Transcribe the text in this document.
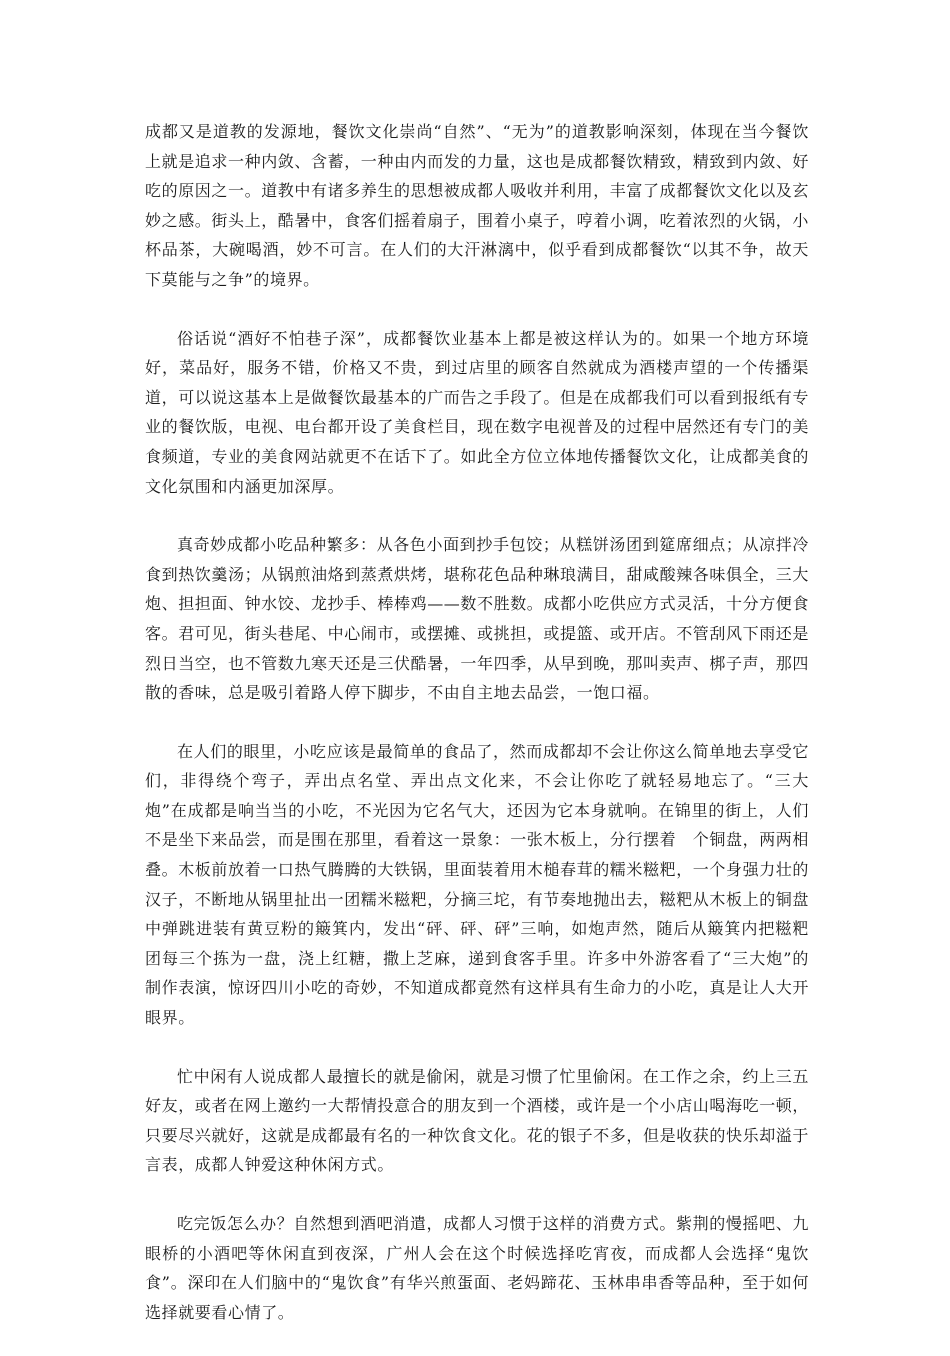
成都又是道教的发源地，餐饮文化崇尚“自然”、“无为”的道教影响深刻，体现在当今餐饮上就是追求一种内敛、含蓄，一种由内而发的力量，这也是成都餐饮精致，精致到内敛、好吃的原因之一。道教中有诸多养生的思想被成都人吸收并利用，丰富了成都餐饮文化以及玄妙之感。街头上，酷暑中，食客们摇着扇子，围着小桌子，哼着小调，吃着浓烈的火锅，小杯品茶，大碗喝酒，妙不可言。在人们的大汗淋漓中，似乎看到成都餐饮“以其不争，故天下莫能与之争”的境界。

俗话说“酒好不怕巷子深”，成都餐饮业基本上都是被这样认为的。如果一个地方环境好，菜品好，服务不错，价格又不贵，到过店里的顾客自然就成为酒楼声望的一个传播渠道，可以说这基本上是做餐饮最基本的广而告之手段了。但是在成都我们可以看到报纸有专业的餐饮版，电视、电台都开设了美食栏目，现在数字电视普及的过程中居然还有专门的美食频道，专业的美食网站就更不在话下了。如此全方位立体地传播餐饮文化，让成都美食的文化氛围和内涵更加深厚。

真奇妙成都小吃品种繁多：从各色小面到抄手包饺；从糕饼汤团到筵席细点；从凉拌冷食到热饮羹汤；从锅煎油烙到蒸煮烘烤，堪称花色品种琳琅满目，甜咸酸辣各味俱全，三大炮、担担面、钟水饺、龙抄手、棒棒鸡——数不胜数。成都小吃供应方式灵活，十分方便食客。君可见，街头巷尾、中心闹市，或摆摊、或挑担，或提篮、或开店。不管刮风下雨还是烈日当空，也不管数九寒天还是三伏酷暑，一年四季，从早到晚，那叫卖声、梆子声，那四散的香味，总是吸引着路人停下脚步，不由自主地去品尝，一饱口福。

在人们的眼里，小吃应该是最简单的食品了，然而成都却不会让你这么简单地去享受它们，非得绕个弯子，弄出点名堂、弄出点文化来，不会让你吃了就轻易地忘了。“三大炮”在成都是响当当的小吃，不光因为它名气大，还因为它本身就响。在锦里的街上，人们不是坐下来品尝，而是围在那里，看着这一景象：一张木板上，分行摆着　个铜盘，两两相叠。木板前放着一口热气腾腾的大铁锅，里面装着用木槌春茸的糯米糍粑，一个身强力壮的汉子，不断地从锅里扯出一团糯米糍粑，分摘三坨，有节奏地抛出去，糍粑从木板上的铜盘中弹跳进装有黄豆粉的簸箕内，发出“砰、砰、砰”三响，如炮声然，随后从簸箕内把糍粑团每三个拣为一盘，浇上红糖，撒上芝麻，递到食客手里。许多中外游客看了“三大炮”的制作表演，惊讶四川小吃的奇妙，不知道成都竟然有这样具有生命力的小吃，真是让人大开眼界。

忙中闲有人说成都人最擅长的就是偷闲，就是习惯了忙里偷闲。在工作之余，约上三五好友，或者在网上邀约一大帮情投意合的朋友到一个酒楼，或许是一个小店山喝海吃一顿，只要尽兴就好，这就是成都最有名的一种饮食文化。花的银子不多，但是收获的快乐却溢于言表，成都人钟爱这种休闲方式。

吃完饭怎么办？自然想到酒吧消遣，成都人习惯于这样的消费方式。紫荆的慢摇吧、九眼桥的小酒吧等休闲直到夜深，广州人会在这个时候选择吃宵夜，而成都人会选择“鬼饮食”。深印在人们脑中的“鬼饮食”有华兴煎蛋面、老妈蹄花、玉林串串香等品种，至于如何选择就要看心情了。
